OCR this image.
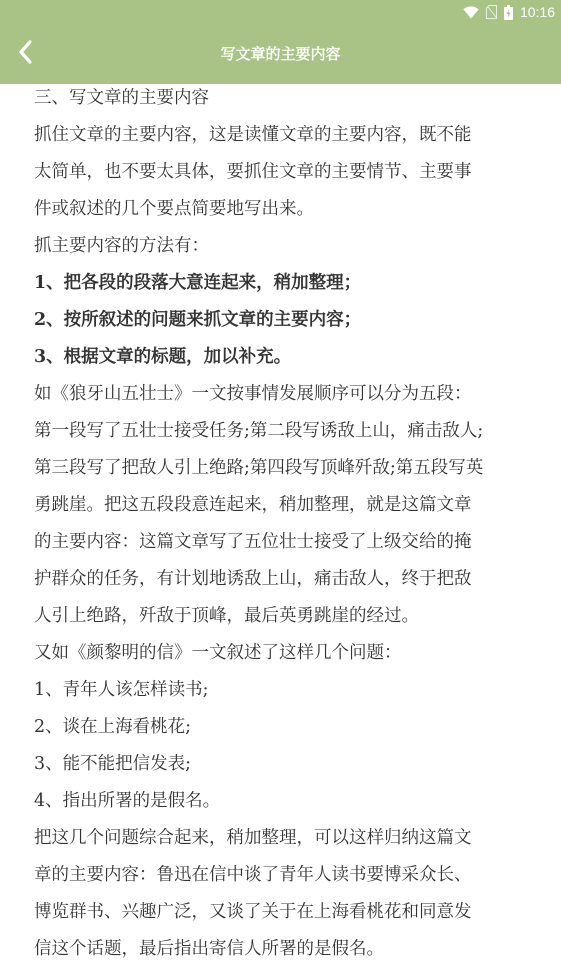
10:16
写文章的主要内容

三、写文章的主要内容

抓住文章的主要内容，这是读懂文章的主要内容，既不能

太简单，也不要太具体，要抓住文章的主要情节、主要事

件或叙述的几个要点简要地写出来。

抓主要内容的方法有：

1、把各段的段落大意连起来，稍加整理；

2、按所叙述的问题来抓文章的主要内容；

3、根据文章的标题，加以补充。

如《狼牙山五壮士》一文按事情发展顺序可以分为五段：

第一段写了五壮士接受任务;第二段写诱敌上山，痛击敌人;

第三段写了把敌人引上绝路;第四段写顶峰歼敌;第五段写英

勇跳崖。把这五段段意连起来，稍加整理，就是这篇文章

的主要内容：这篇文章写了五位壮士接受了上级交给的掩

护群众的任务，有计划地诱敌上山，痛击敌人，终于把敌

人引上绝路，歼敌于顶峰，最后英勇跳崖的经过。

又如《颜黎明的信》一文叙述了这样几个问题：

1、青年人该怎样读书;

2、谈在上海看桃花;

3、能不能把信发表;

4、指出所署的是假名。

把这几个问题综合起来，稍加整理，可以这样归纳这篇文

章的主要内容：鲁迅在信中谈了青年人读书要博采众长、

博览群书、兴趣广泛，又谈了关于在上海看桃花和同意发

信这个话题，最后指出寄信人所署的是假名。
